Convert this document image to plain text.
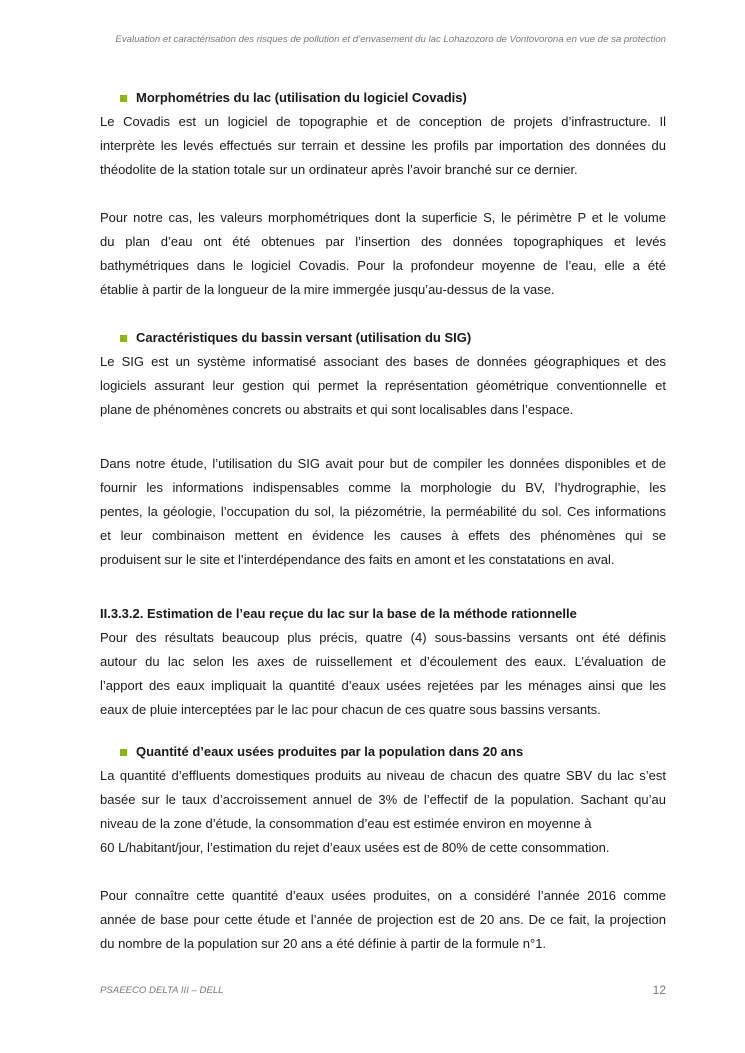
Evaluation et caractérisation des risques de pollution et d’envasement du lac Lohazozoro de Vontovorona en vue de sa protection
Morphométries du lac (utilisation du logiciel Covadis)

Le Covadis est un logiciel de topographie et de conception de projets d’infrastructure. Il
interprète les levés effectués sur terrain et dessine les profils par importation des données du
théodolite de la station totale sur un ordinateur après l’avoir branché sur ce dernier.

Pour notre cas, les valeurs morphométriques dont la superficie S, le périmètre P et le volume
du plan d’eau ont été obtenues par l’insertion des données topographiques et levés
bathymétriques dans le logiciel Covadis. Pour la profondeur moyenne de l’eau, elle a été
établie à partir de la longueur de la mire immergée jusqu’au-dessus de la vase.

Caractéristiques du bassin versant (utilisation du SIG)

Le SIG est un système informatisé associant des bases de données géographiques et des
logiciels assurant leur gestion qui permet la représentation géométrique conventionnelle et
plane de phénomènes concrets ou abstraits et qui sont localisables dans l’espace.

Dans notre étude, l’utilisation du SIG avait pour but de compiler les données disponibles et de
fournir les informations indispensables comme la morphologie du BV, l’hydrographie, les
pentes, la géologie, l’occupation du sol, la piézométrie, la perméabilité du sol. Ces informations
et leur combinaison mettent en évidence les causes à effets des phénomènes qui se
produisent sur le site et l’interdépendance des faits en amont et les constatations en aval.

II.3.3.2. Estimation de l’eau reçue du lac sur la base de la méthode rationnelle

Pour des résultats beaucoup plus précis, quatre (4) sous-bassins versants ont été définis
autour du lac selon les axes de ruissellement et d’écoulement des eaux. L’évaluation de
l’apport des eaux impliquait la quantité d’eaux usées rejetées par les ménages ainsi que les
eaux de pluie interceptées par le lac pour chacun de ces quatre sous bassins versants.

Quantité d’eaux usées produites par la population dans 20 ans

La quantité d’effluents domestiques produits au niveau de chacun des quatre SBV du lac s’est
basée sur le taux d’accroissement annuel de 3% de l’effectif de la population. Sachant qu’au
niveau de la zone d’étude, la consommation d’eau est estimée environ en moyenne à
60 L/habitant/jour, l’estimation du rejet d’eaux usées est de 80% de cette consommation.

Pour connaître cette quantité d’eaux usées produites, on a considéré l’année 2016 comme
année de base pour cette étude et l’année de projection est de 20 ans. De ce fait, la projection
du nombre de la population sur 20 ans a été définie à partir de la formule n°1.

PSAEECO DELTA III – DELL	12
